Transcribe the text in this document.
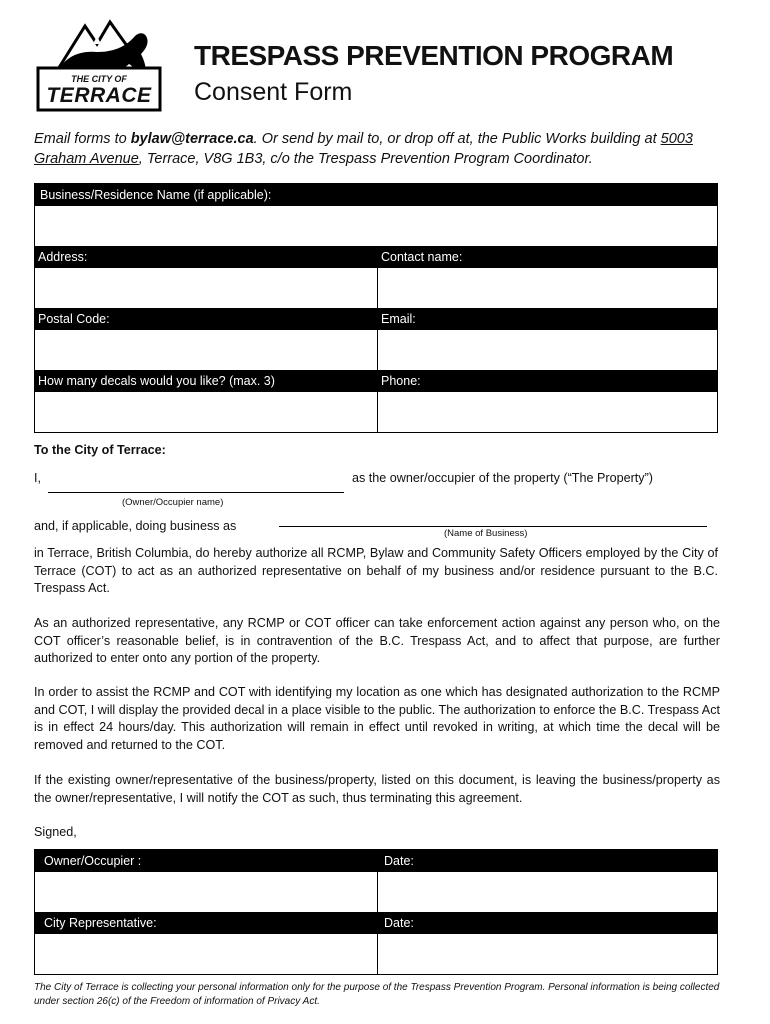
THE CITY OF
TERRACE
TRESPASS PREVENTION PROGRAM
Consent Form
Email forms to bylaw@terrace.ca. Or send by mail to, or drop off at, the Public Works building at 5003 Graham Avenue, Terrace, V8G 1B3, c/o the Trespass Prevention Program Coordinator.
Business/Residence Name (if applicable):
Address:	Contact name:
Postal Code:	Email:
How many decals would you like? (max. 3)	Phone:
To the City of Terrace:
I,
(Owner/Occupier name)
as the owner/occupier of the property (“The Property”)
and, if applicable, doing business as
(Name of Business)
in Terrace, British Columbia, do hereby authorize all RCMP, Bylaw and Community Safety Officers employed by the City of Terrace (COT) to act as an authorized representative on behalf of my business and/or residence pursuant to the B.C. Trespass Act.
As an authorized representative, any RCMP or COT officer can take enforcement action against any person who, on the COT officer’s reasonable belief, is in contravention of the B.C. Trespass Act, and to affect that purpose, are further authorized to enter onto any portion of the property.
In order to assist the RCMP and COT with identifying my location as one which has designated authorization to the RCMP and COT, I will display the provided decal in a place visible to the public. The authorization to enforce the B.C. Trespass Act is in effect 24 hours/day. This authorization will remain in effect until revoked in writing, at which time the decal will be removed and returned to the COT.
If the existing owner/representative of the business/property, listed on this document, is leaving the business/property as the owner/representative, I will notify the COT as such, thus terminating this agreement.
Signed,
Owner/Occupier :	Date:
City Representative:	Date:
The City of Terrace is collecting your personal information only for the purpose of the Trespass Prevention Program. Personal information is being collected under section 26(c) of the Freedom of information of Privacy Act.
